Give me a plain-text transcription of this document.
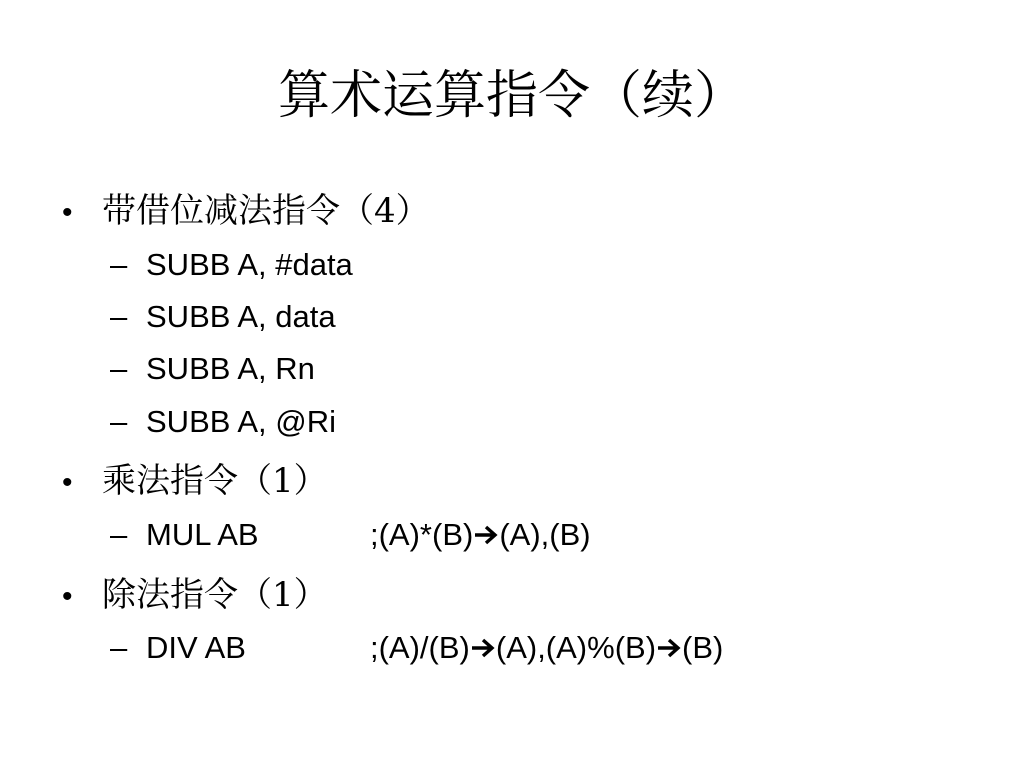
算术运算指令（续）
• 带借位减法指令（4）
– SUBB A, #data
– SUBB A, data
– SUBB A, Rn
– SUBB A, @Ri
• 乘法指令（1）
– MUL AB	;(A)*(B) (A),(B)
• 除法指令（1）
– DIV AB	;(A)/(B) (A),(A)%(B) (B)
